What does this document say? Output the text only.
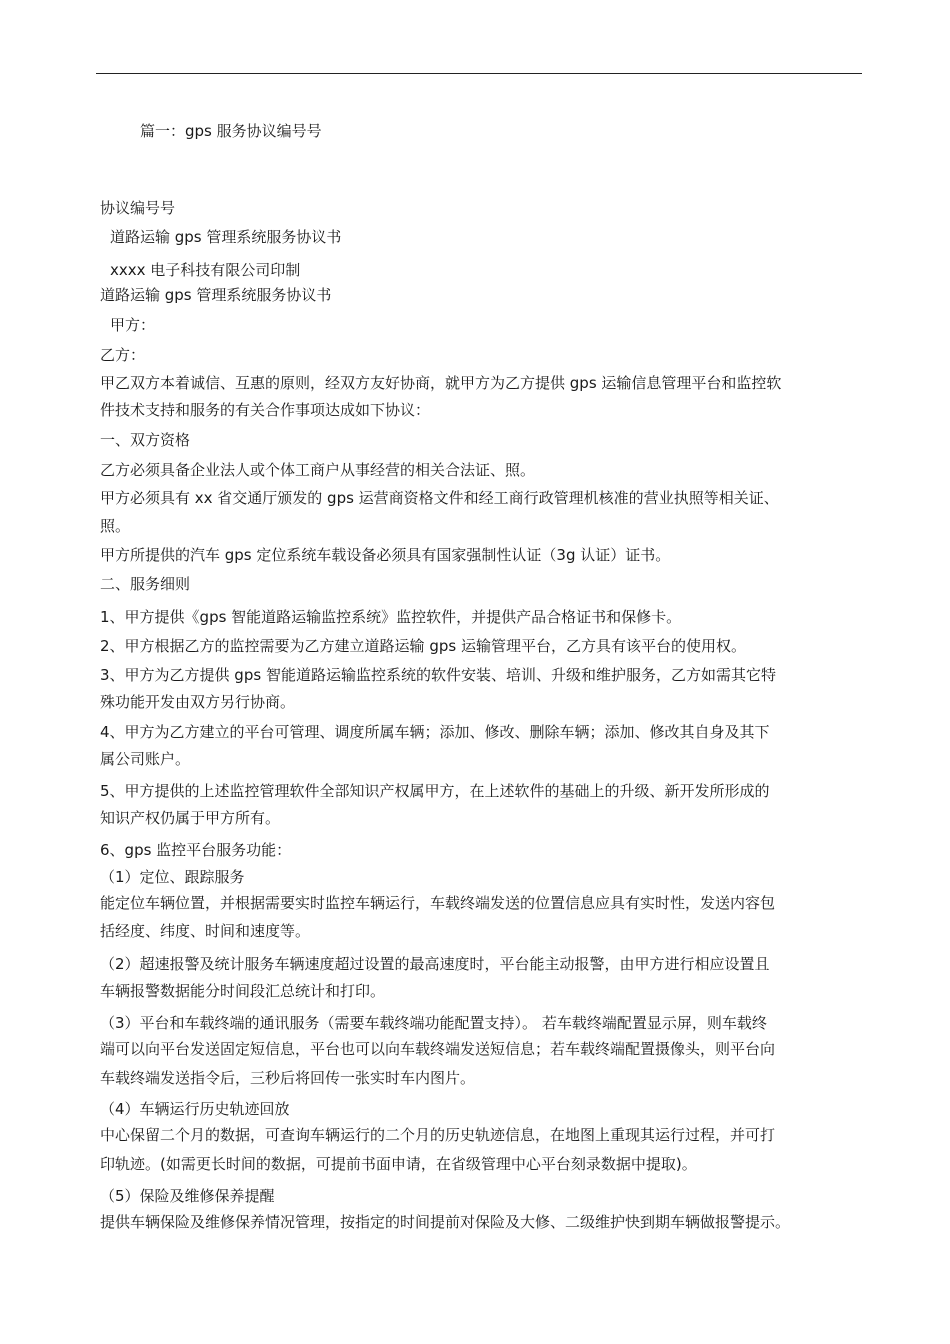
篇一：gps 服务协议编号号
协议编号号
道路运输 gps 管理系统服务协议书
xxxx 电子科技有限公司印制
道路运输 gps 管理系统服务协议书
甲方：
乙方：
甲乙双方本着诚信、互惠的原则，经双方友好协商，就甲方为乙方提供 gps 运输信息管理平台和监控软
件技术支持和服务的有关合作事项达成如下协议：
一、双方资格
乙方必须具备企业法人或个体工商户从事经营的相关合法证、照。
甲方必须具有 xx 省交通厅颁发的 gps 运营商资格文件和经工商行政管理机核准的营业执照等相关证、
照。
甲方所提供的汽车 gps 定位系统车载设备必须具有国家强制性认证（3g 认证）证书。
二、服务细则
1、甲方提供《gps 智能道路运输监控系统》监控软件，并提供产品合格证书和保修卡。
2、甲方根据乙方的监控需要为乙方建立道路运输 gps 运输管理平台，乙方具有该平台的使用权。
3、甲方为乙方提供 gps 智能道路运输监控系统的软件安装、培训、升级和维护服务，乙方如需其它特
殊功能开发由双方另行协商。
4、甲方为乙方建立的平台可管理、调度所属车辆；添加、修改、删除车辆；添加、修改其自身及其下
属公司账户。
5、甲方提供的上述监控管理软件全部知识产权属甲方，在上述软件的基础上的升级、新开发所形成的
知识产权仍属于甲方所有。
6、gps 监控平台服务功能：
（1）定位、跟踪服务
能定位车辆位置，并根据需要实时监控车辆运行，车载终端发送的位置信息应具有实时性，发送内容包
括经度、纬度、时间和速度等。
（2）超速报警及统计服务车辆速度超过设置的最高速度时，平台能主动报警，由甲方进行相应设置且
车辆报警数据能分时间段汇总统计和打印。
（3）平台和车载终端的通讯服务（需要车载终端功能配置支持）。 若车载终端配置显示屏，则车载终
端可以向平台发送固定短信息，平台也可以向车载终端发送短信息；若车载终端配置摄像头，则平台向
车载终端发送指令后，三秒后将回传一张实时车内图片。
（4）车辆运行历史轨迹回放
中心保留二个月的数据，可查询车辆运行的二个月的历史轨迹信息，在地图上重现其运行过程，并可打
印轨迹。(如需更长时间的数据，可提前书面申请，在省级管理中心平台刻录数据中提取)。
（5）保险及维修保养提醒
提供车辆保险及维修保养情况管理，按指定的时间提前对保险及大修、二级维护快到期车辆做报警提示。
